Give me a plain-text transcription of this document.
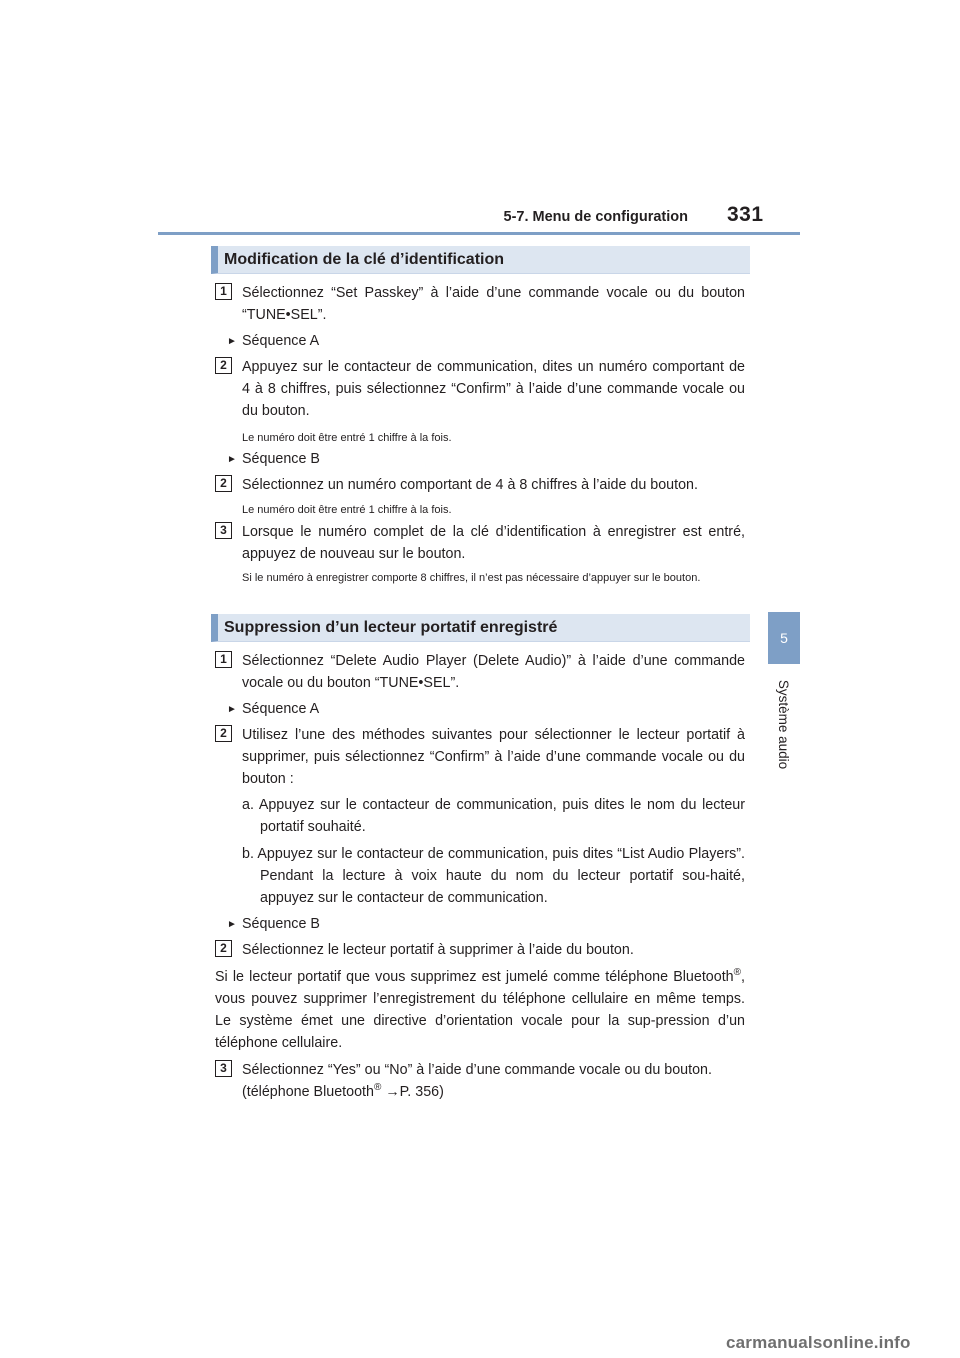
5-7. Menu de configuration 331
5
Système audio
Modification de la clé d’identification
1	Sélectionnez “Set Passkey” à l’aide d’une commande vocale ou du bouton “TUNE•SEL”.
► Séquence A
2	Appuyez sur le contacteur de communication, dites un numéro comportant de 4 à 8 chiffres, puis sélectionnez “Confirm” à l’aide d’une commande vocale ou du bouton.
Le numéro doit être entré 1 chiffre à la fois.
► Séquence B
2	Sélectionnez un numéro comportant de 4 à 8 chiffres à l’aide du bouton.
Le numéro doit être entré 1 chiffre à la fois.
3	Lorsque le numéro complet de la clé d’identification à enregistrer est entré, appuyez de nouveau sur le bouton.
Si le numéro à enregistrer comporte 8 chiffres, il n’est pas nécessaire d’appuyer sur le bouton.
Suppression d’un lecteur portatif enregistré
1	Sélectionnez “Delete Audio Player (Delete Audio)” à l’aide d’une commande vocale ou du bouton “TUNE•SEL”.
► Séquence A
2	Utilisez l’une des méthodes suivantes pour sélectionner le lecteur portatif à supprimer, puis sélectionnez “Confirm” à l’aide d’une commande vocale ou du bouton :
a. Appuyez sur le contacteur de communication, puis dites le nom du lecteur portatif souhaité.
b. Appuyez sur le contacteur de communication, puis dites “List Audio Players”. Pendant la lecture à voix haute du nom du lecteur portatif sou-haité, appuyez sur le contacteur de communication.
► Séquence B
2	Sélectionnez le lecteur portatif à supprimer à l’aide du bouton.
Si le lecteur portatif que vous supprimez est jumelé comme téléphone Bluetooth®, vous pouvez supprimer l’enregistrement du téléphone cellulaire en même temps. Le système émet une directive d’orientation vocale pour la sup-pression d’un téléphone cellulaire.
3	Sélectionnez “Yes” ou “No” à l’aide d’une commande vocale ou du bouton.
(téléphone Bluetooth® →P. 356)
carmanualsonline.info
